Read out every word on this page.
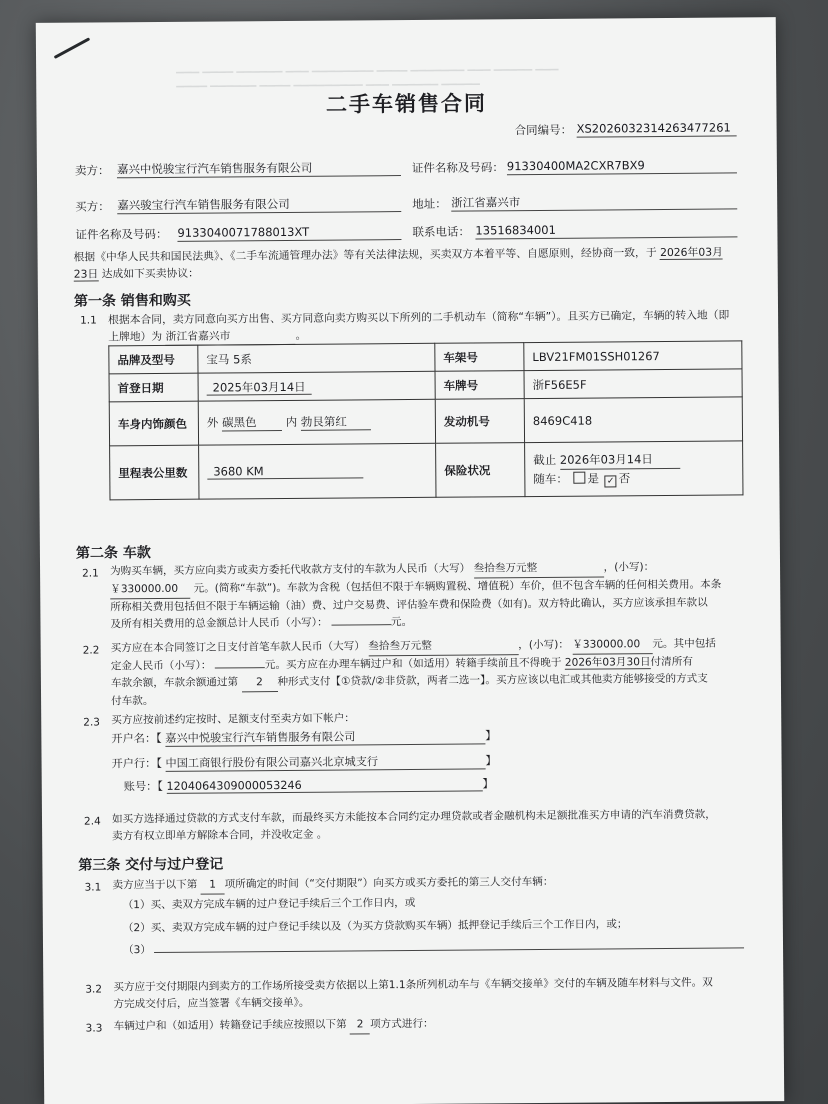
▁▁▁ ▁▁▁▁ ▁▁▁▁▁▁ ▁▁▁ ▁▁▁▁▁▁▁▁ ▁▁▁▁ ▁▁▁▁▁▁▁ ▁▁▁ ▁▁▁▁▁ ▁▁▁
▁▁▁▁ ▁▁▁▁▁▁ ▁▁▁▁ ▁▁▁▁▁▁▁▁▁ ▁▁▁ ▁▁▁▁▁▁ ▁▁▁▁▁
二手车销售合同
合同编号： XS20260323142634772​61
卖方： 嘉兴中悦骏宝行汽车销售服务有限公司	证件名称及号码： 91330400MA2CXR7BX9
买方： 嘉兴骏宝行汽车销售服务有限公司	地址： 浙江省嘉兴市
证件名称及号码： 913304007178801​3XT	联系电话： 13516834001
根据《中华人民共和国民法典》、《二手车流通管理办法》等有关法律法规，买卖双方本着平等、自愿原则，经协商一致，于 2026年03月
23日 达成如下买卖协议：
第一条 销售和购买
1.1 根据本合同，卖方同意向买方出售、买方同意向卖方购买以下所列的二手机动车（简称“车辆”）。且买方已确定，车辆的转入地（即
上牌地）为 浙江省嘉兴市	。
品牌及型号	宝马 5系	车架号	LBV21FM01SSH01267
首登日期	2025年03月14日	车牌号	浙F56E5F
车身内饰颜色	外 碳黑色 内 勃艮第红	发动机号	8469C418
里程表公里数	3680 KM	保险状况	截止 2026年03月14日
随车： 是 ✓ 否
第二条 车款
2.1 为购买车辆，买方应向卖方或卖方委托代收款方支付的车款为人民币（大写） 叁拾叁万元整	，(小写)：
￥330000.00 元。(简称“车款”)。车款为含税（包括但不限于车辆购置税、增值税）车价，但不包含车辆的任何相关费用。本条
所称相关费用包括但不限于车辆运输（油）费、过户交易费、评估验车费和保险费（如有)。双方特此确认，买方应该承担车款以
及所有相关费用的总金额总计人民币（小写）：	元。
2.2 买方应在本合同签订之日支付首笔车款人民币（大写） 叁拾叁万元整	，(小写)： ￥330000.00 元。其中包括
定金人民币（小写）：	元。买方应在办理车辆过户和（如适用）转籍手续前且不得晚于 2026年03月30日付清所有
车款余额，车款余额通过第 2 种形式支付【①贷款/②非贷款，两者二选一】。买方应该以电汇或其他卖方能够接受的方式支
付车款。
2.3 买方应按前述约定按时、足额支付至卖方如下帐户：
开户名：【 嘉兴中悦骏宝行汽车销售服务有限公司	】
开户行：【 中国工商银行股份有限公司嘉兴北京城支行	】
账号：【 1204064309000053246	】
2.4 如买方选择通过贷款的方式支付车款，而最终买方未能按本合同约定办理贷款或者金融机构未足额批准买方申请的汽车消费贷款，
卖方有权立即单方解除本合同，并没收定金 。
第三条 交付与过户登记
3.1 卖方应当于以下第 1 项所确定的时间（“交付期限”）向买方或买方委托的第三人交付车辆：
（1）买、卖双方完成车辆的过户登记手续后三个工作日内，或
（2）买、卖双方完成车辆的过户登记手续以及（为买方贷款购买车辆）抵押登记手续后三个工作日内，或；
（3）
3.2 买方应于交付期限内到卖方的工作场所接受卖方依据以上第1.1条所列机动车与《车辆交接单》交付的车辆及随车材料与文件。双
方完成交付后，应当签署《车辆交接单》。
3.3 车辆过户和（如适用）转籍登记手续应按照以下第 2 项方式进行：
